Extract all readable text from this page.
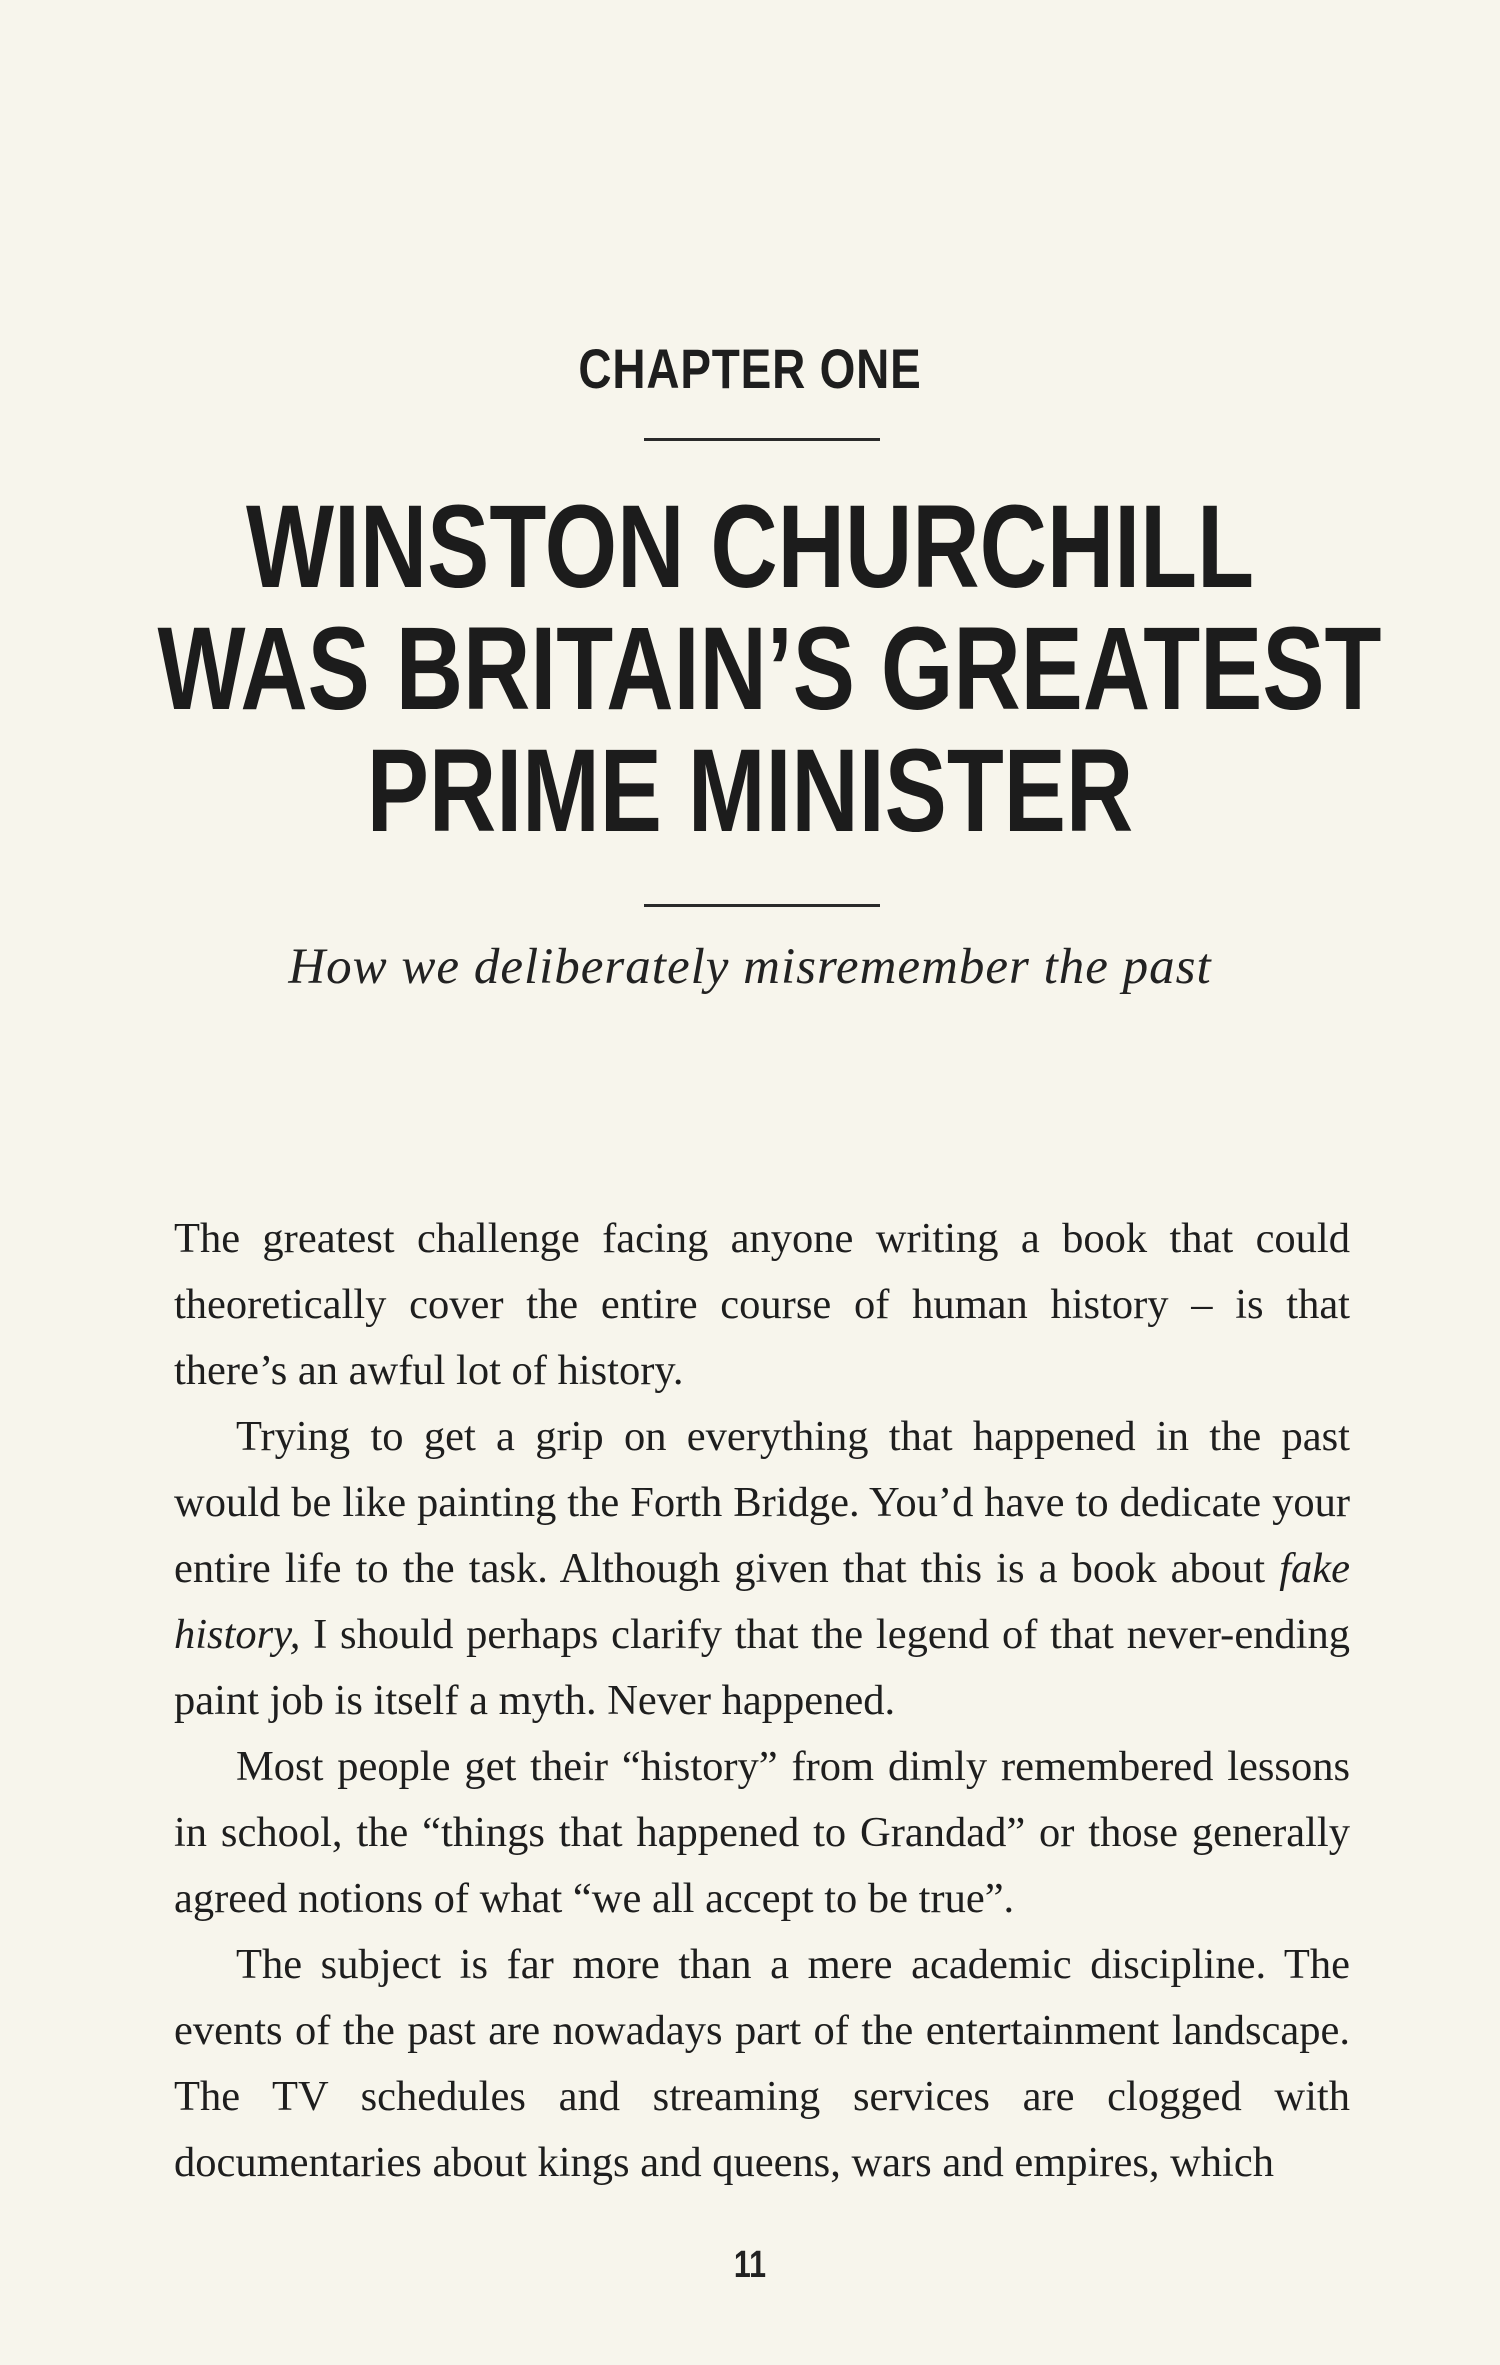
CHAPTER ONE
WINSTON CHURCHILL
WAS BRITAIN’S GREATEST
PRIME MINISTER
How we deliberately misremember the past

The greatest challenge facing anyone writing a book that could theoretically cover the entire course of human history – is that there’s an awful lot of history.

Trying to get a grip on everything that happened in the past would be like painting the Forth Bridge. You’d have to dedicate your entire life to the task. Although given that this is a book about fake history, I should perhaps clarify that the legend of that never-ending paint job is itself a myth. Never happened.

Most people get their “history” from dimly remembered lessons in school, the “things that happened to Grandad” or those generally agreed notions of what “we all accept to be true”.

The subject is far more than a mere academic discipline. The events of the past are nowadays part of the entertainment landscape. The TV schedules and streaming services are clogged with documentaries about kings and queens, wars and empires, which

11
